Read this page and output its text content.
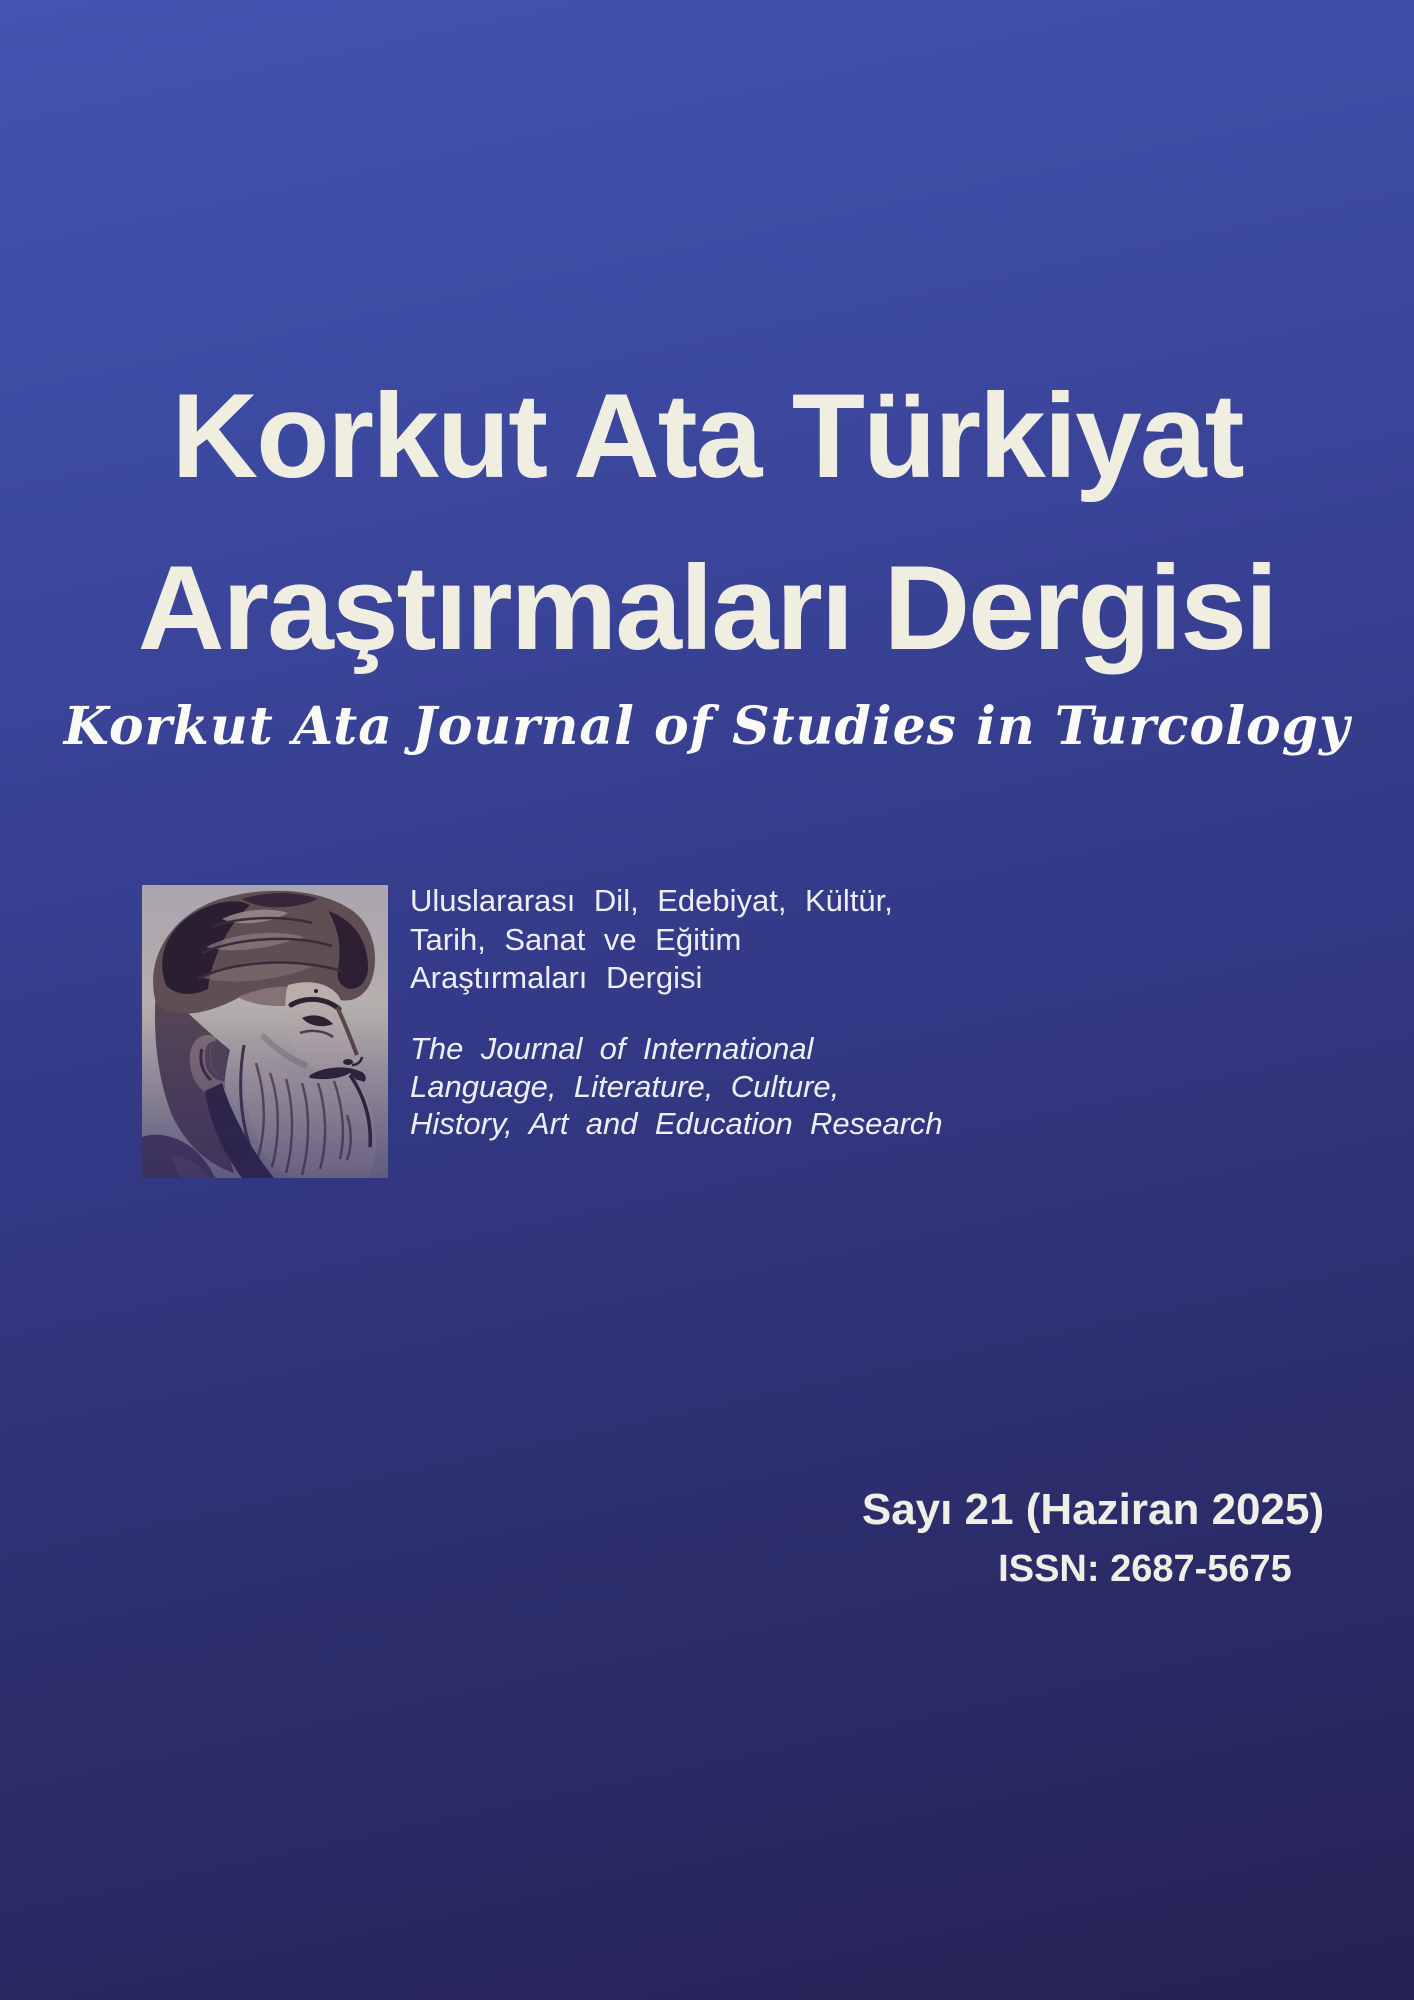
Korkut Ata Türkiyat
Araştırmaları Dergisi
Korkut Ata Journal of Studies in Turcology
Uluslararası Dil, Edebiyat, Kültür,
Tarih, Sanat ve Eğitim
Araştırmaları Dergisi
The Journal of International
Language, Literature, Culture,
History, Art and Education Research
Sayı 21 (Haziran 2025)
ISSN: 2687-5675
